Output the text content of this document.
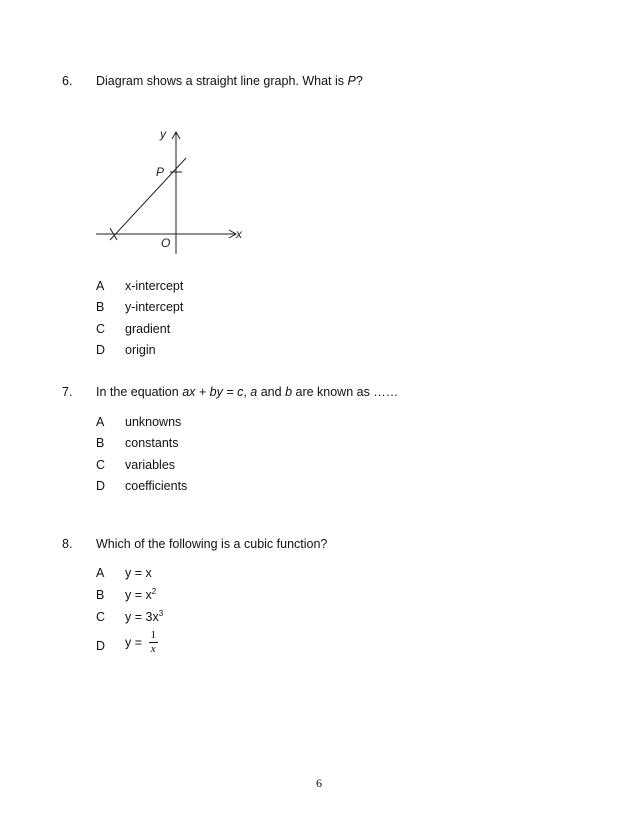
6. Diagram shows a straight line graph. What is P?
y
x
P
O
A x-intercept
B y-intercept
C gradient
D origin
7. In the equation ax + by = c, a and b are known as ……
A unknowns
B constants
C variables
D coefficients
8. Which of the following is a cubic function?
A y = x
B $y = x^2$
C $y = 3x^3$
D $y = \frac{1}{x}$
6
